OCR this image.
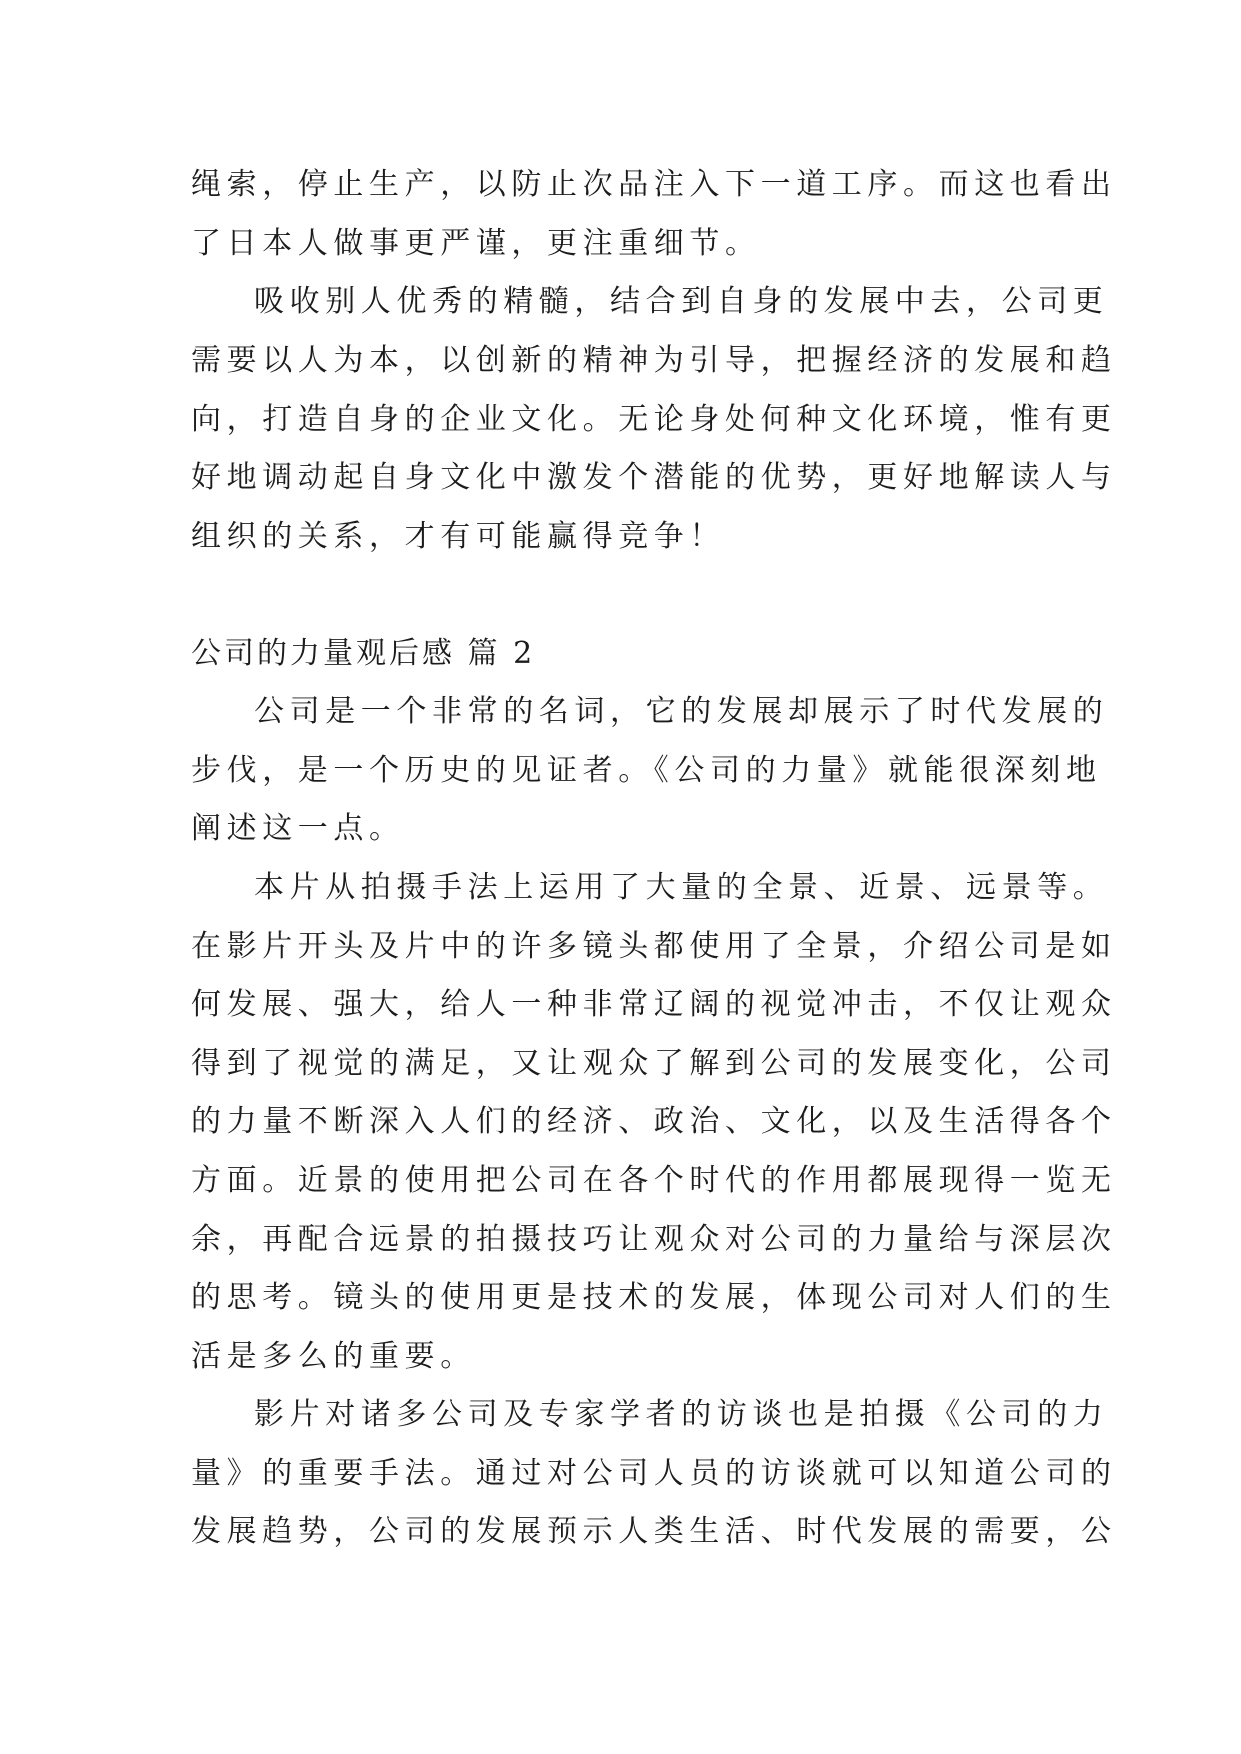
绳索，停止生产，以防止次品注入下一道工序。而这也看出
了日本人做事更严谨，更注重细节。
吸收别人优秀的精髓，结合到自身的发展中去，公司更
需要以人为本，以创新的精神为引导，把握经济的发展和趋
向，打造自身的企业文化。无论身处何种文化环境，惟有更
好地调动起自身文化中激发个潜能的优势，更好地解读人与
组织的关系，才有可能赢得竞争！
公司的力量观后感 篇 2
公司是一个非常的名词，它的发展却展示了时代发展的
步伐，是一个历史的见证者。《公司的力量》就能很深刻地
阐述这一点。
本片从拍摄手法上运用了大量的全景、近景、远景等。
在影片开头及片中的许多镜头都使用了全景，介绍公司是如
何发展、强大，给人一种非常辽阔的视觉冲击，不仅让观众
得到了视觉的满足，又让观众了解到公司的发展变化，公司
的力量不断深入人们的经济、政治、文化，以及生活得各个
方面。近景的使用把公司在各个时代的作用都展现得一览无
余，再配合远景的拍摄技巧让观众对公司的力量给与深层次
的思考。镜头的使用更是技术的发展，体现公司对人们的生
活是多么的重要。
影片对诸多公司及专家学者的访谈也是拍摄《公司的力
量》的重要手法。通过对公司人员的访谈就可以知道公司的
发展趋势，公司的发展预示人类生活、时代发展的需要，公
